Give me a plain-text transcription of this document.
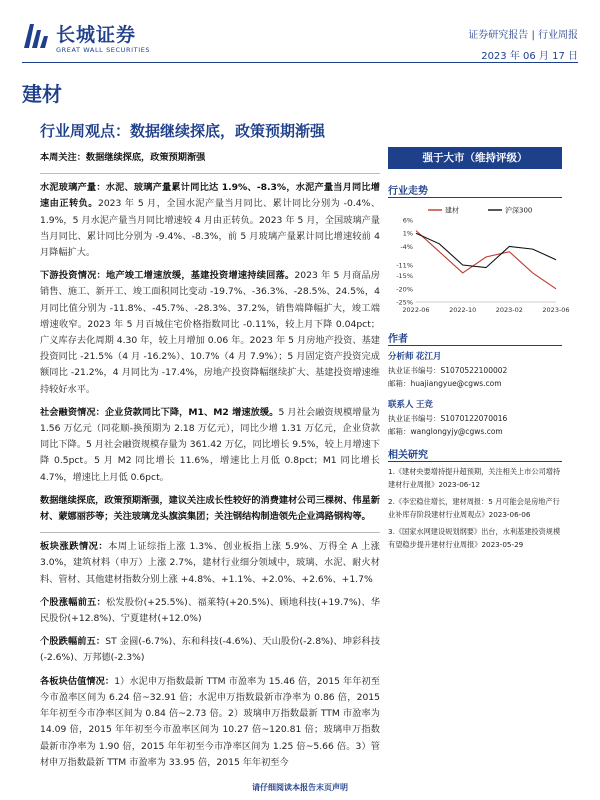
长城证券
GREAT WALL SECURITIES
证券研究报告 | 行业周报
2023 年 06 月 17 日
建材
行业周观点：数据继续探底，政策预期渐强

本周关注：数据继续探底，政策预期渐强

水泥玻璃产量：水泥、玻璃产量累计同比达 1.9%、-8.3%，水泥产量当月同比增速由正转负。2023 年 5 月，全国水泥产量当月同比、累计同比分别为 -0.4%、1.9%，5 月水泥产量当月同比增速较 4 月由正转负。2023 年 5 月，全国玻璃产量当月同比、累计同比分别为 -9.4%、-8.3%，前 5 月玻璃产量累计同比增速较前 4 月降幅扩大。

下游投资情况：地产竣工增速放缓，基建投资增速持续回落。2023 年 5 月商品房销售、施工、新开工、竣工面积同比变动 -19.7%、-36.3%、-28.5%、24.5%，4 月同比值分别为 -11.8%、-45.7%、-28.3%、37.2%，销售端降幅扩大，竣工端增速收窄。2023 年 5 月百城住宅价格指数同比 -0.11%，较上月下降 0.04pct；广义库存去化周期 4.30 年，较上月增加 0.06 年。2023 年 5 月房地产投资、基建投资同比 -21.5%（4 月 -16.2%）、10.7%（4 月 7.9%）；5 月固定资产投资完成额同比 -21.2%，4 月同比为 -17.4%，房地产投资降幅继续扩大、基建投资增速维持较好水平。

社会融资情况：企业贷款同比下降，M1、M2 增速放缓。5 月社会融资规模增量为 1.56 万亿元（同花顺-换预期为 2.18 万亿元），同比少增 1.31 万亿元，企业贷款同比下降。5 月社会融资规模存量为 361.42 万亿，同比增长 9.5%，较上月增速下降 0.5pct。5 月 M2 同比增长 11.6%，增速比上月低 0.8pct；M1 同比增长 4.7%，增速比上月低 0.6pct。

数据继续探底，政策预期渐强，建议关注成长性较好的消费建材公司三棵树、伟星新材、蒙娜丽莎等；关注玻璃龙头旗滨集团；关注钢结构制造领先企业鸿路钢构等。

板块涨跌情况：本周上证综指上涨 1.3%、创业板指上涨 5.9%、万得全 A 上涨 3.0%，建筑材料（申万）上涨 2.7%，建材行业细分领域中，玻璃、水泥、耐火材料、管材、其他建材指数分别上涨 +4.8%、+1.1%、+2.0%、+2.6%、+1.7%

个股涨幅前五：松发股份(+25.5%)、福莱特(+20.5%)、顾地科技(+19.7%)、华民股份(+12.8%)、宁夏建材(+12.0%)

个股跌幅前五：ST 金圆(-6.7%)、东和科技(-4.6%)、天山股份(-2.8%)、坤彩科技(-2.6%)、万邦德(-2.3%)

各板块估值情况：1）水泥申万指数最新 TTM 市盈率为 15.46 倍，2015 年年初至今市盈率区间为 6.24 倍~32.91 倍；水泥申万指数最新市净率为 0.86 倍，2015 年年初至今市净率区间为 0.84 倍~2.73 倍。2）玻璃申万指数最新 TTM 市盈率为 14.09 倍，2015 年年初至今市盈率区间为 10.27 倍~120.81 倍；玻璃申万指数最新市净率为 1.90 倍，2015 年年初至今市净率区间为 1.25 倍~5.66 倍。3）管材申万指数最新 TTM 市盈率为 33.95 倍，2015 年年初至今

强于大市（维持评级）
行业走势
6%
1%
-4%
-11%
-15%
-20%
-25%
2022-06	2022-10	2023-02	2023-06
建材	沪深300
作者
分析师 花江月
执业证书编号：S1070522100002
邮箱：huajiangyue@cgws.com
联系人 王竞
执业证书编号：S1070122070016
邮箱：wanglongyjy@cgws.com
相关研究
1.《建材央要增持提升超预期，关注相关上市公司增持建材行业周报》2023-06-12
2.《李宏稳住增长，建材周报：5 月可能会是房地产行业补库存阶段建材行业周观点》2023-06-06
3.《国家水网建设规划纲要》出台，水利基建投资规模有望稳步提升建材行业周报》2023-05-29
请仔细阅读本报告末页声明
